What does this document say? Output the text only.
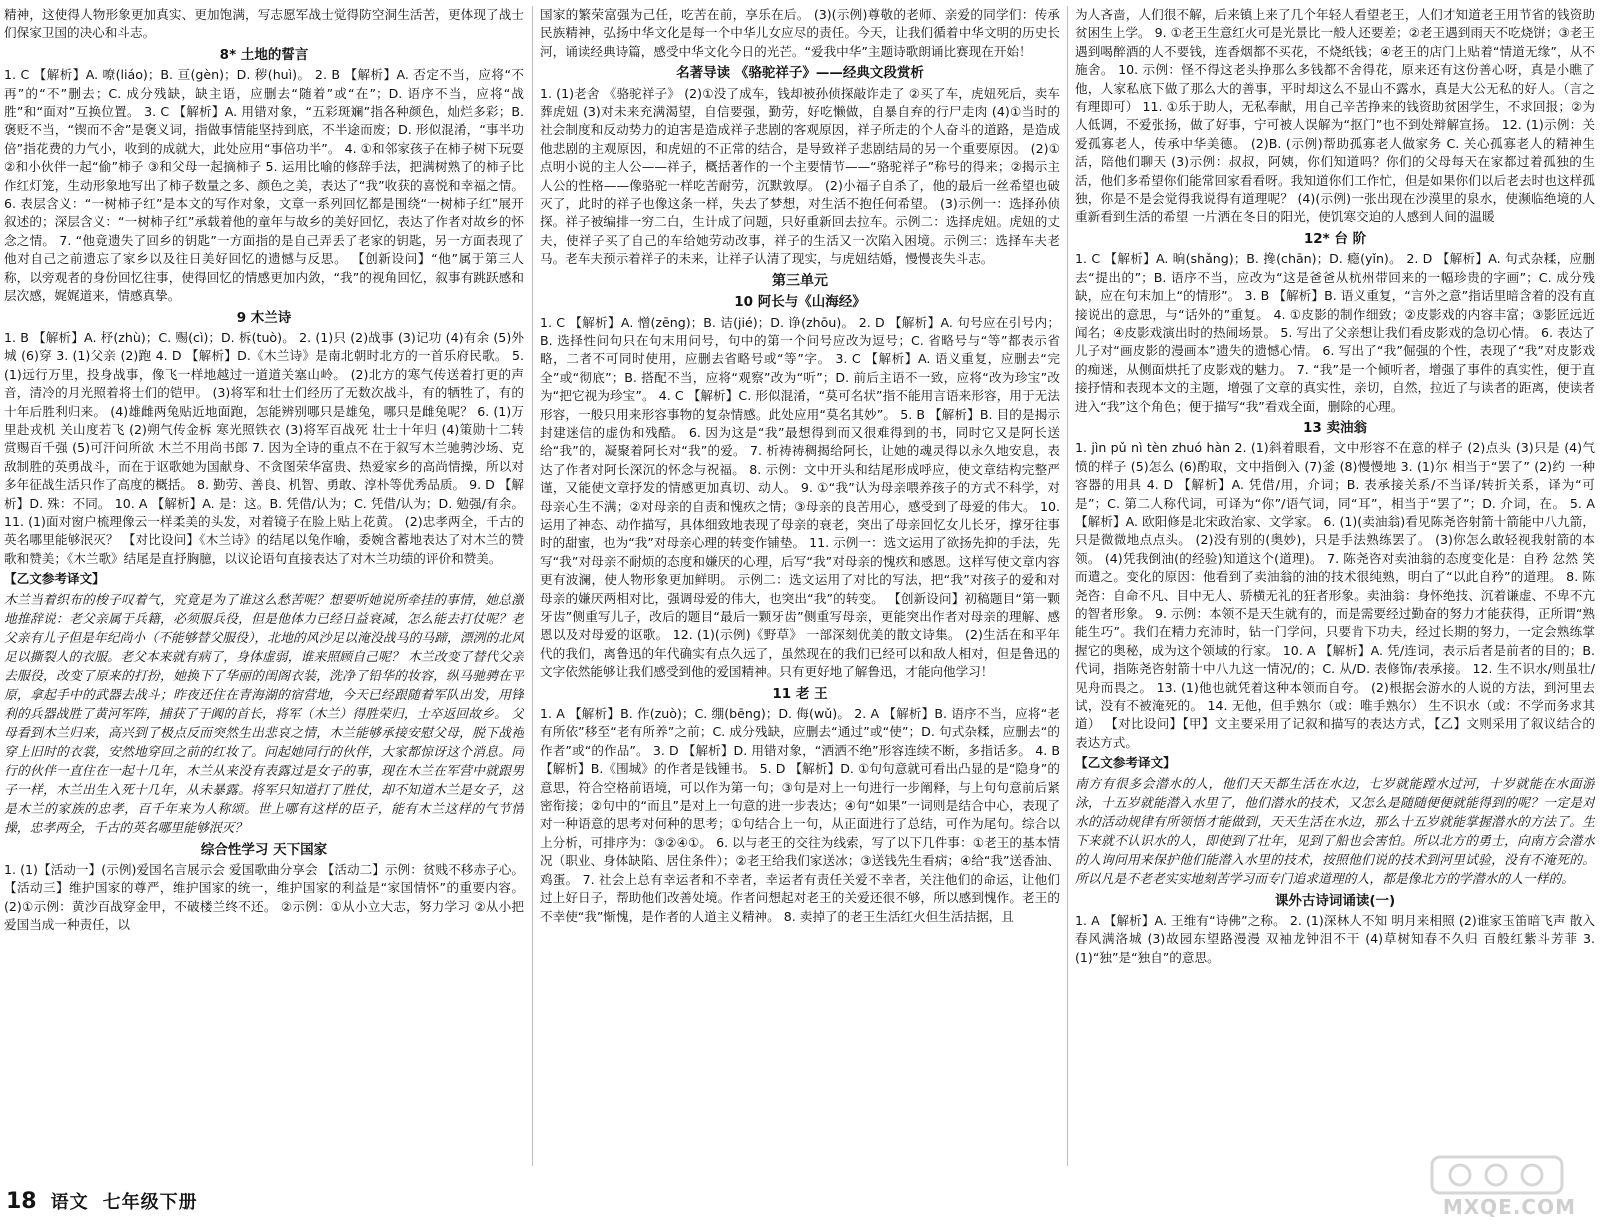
精神，这使得人物形象更加真实、更加饱满，写志愿军战士觉得防空洞生活苦，更体现了战士们保家卫国的决心和斗志。

8* 土地的誓言

1. C 【解析】A. 嘹(liáo)；B. 亘(gèn)；D. 秽(huì)。 2. B 【解析】A. 否定不当，应将“不再”的“不”删去；C. 成分残缺，缺主语，应删去“随着”或“在”；D. 语序不当，应将“战胜”和“面对”互换位置。 3. C 【解析】A. 用错对象，“五彩斑斓”指各种颜色，灿烂多彩；B. 褒贬不当，“锲而不舍”是褒义词，指做事情能坚持到底，不半途而废；D. 形似混淆，“事半功倍”指花费的力气小，收到的成就大，此处应用“事倍功半”。 4. ①和邻家孩子在柿子树下玩耍 ②和小伙伴一起“偷”柿子 ③和父母一起摘柿子 5. 运用比喻的修辞手法，把满树熟了的柿子比作红灯笼，生动形象地写出了柿子数量之多、颜色之美，表达了“我”收获的喜悦和幸福之情。 6. 表层含义：“一树柿子红”是本文的写作对象，文章一系列回忆都是围绕“一树柿子红”展开叙述的；深层含义：“一树柿子红”承载着他的童年与故乡的美好回忆，表达了作者对故乡的怀念之情。 7. “他竟遗失了回乡的钥匙”一方面指的是自己弄丢了老家的钥匙，另一方面表现了他对自己之前遗忘了家乡以及往日美好回忆的遗憾与反思。 【创新设问】“他”属于第三人称，以旁观者的身份回忆往事，使得回忆的情感更加内敛，“我”的视角回忆，叙事有跳跃感和层次感，娓娓道来，情感真挚。

9 木兰诗

1. B 【解析】A. 杼(zhù)；C. 赐(cì)；D. 柝(tuò)。 2. (1)只 (2)战事 (3)记功 (4)有余 (5)外城 (6)穿 3. (1)父亲 (2)跑 4. D 【解析】D.《木兰诗》是南北朝时北方的一首乐府民歌。 5. (1)远行万里，投身战事，像飞一样地越过一道道关塞山岭。 (2)北方的寒气传送着打更的声音，清冷的月光照着将士们的铠甲。 (3)将军和壮士们经历了无数次战斗，有的牺牲了，有的十年后胜利归来。 (4)雄雌两兔贴近地面跑，怎能辨别哪只是雄兔，哪只是雌兔呢？ 6. (1)万里赴戎机 关山度若飞 (2)朔气传金柝 寒光照铁衣 (3)将军百战死 壮士十年归 (4)策勋十二转 赏赐百千强 (5)可汗问所欲 木兰不用尚书郎 7. 因为全诗的重点不在于叙写木兰驰骋沙场、克敌制胜的英勇战斗，而在于讴歌她为国献身、不贪图荣华富贵、热爱家乡的高尚情操，所以对多年征战生活只作了高度的概括。 8. 勤劳、善良、机智、勇敢、淳朴等优秀品质。 9. D 【解析】D. 殊：不同。 10. A 【解析】A. 是：这。B. 凭借/认为；C. 凭借/认为；D. 勉强/有余。 11. (1)面对窗户梳理像云一样柔美的头发，对着镜子在脸上贴上花黄。 (2)忠孝两全，千古的英名哪里能够泯灭？ 【对比设问】《木兰诗》的结尾以兔作喻，委婉含蓄地表达了对木兰的赞歌和赞美；《木兰歌》结尾是直抒胸臆，以议论语句直接表达了对木兰功绩的评价和赞美。

【乙文参考译文】

木兰当着织布的梭子叹着气，究竟是为了谁这么愁苦呢？想要听她说所牵挂的事情，她总激地推辞说：老父亲属于兵籍，必须服兵役，但是他体力已经日益衰减，怎么能去打仗呢？老父亲有儿子但是年纪尚小（不能够替父服役），北地的风沙足以淹没战马的马蹄，漂洌的北风足以撕裂人的衣服。老父本来就有病了，身体虚弱，谁来照顾自己呢？ 木兰改变了替代父亲去服役，改变了原来的打扮，她换下了华丽的闺阁衣装，洗净了铅华的妆容，纵马驰骋在平原，拿起手中的武器去战斗；昨夜还住在青海湖的宿营地，今天已经跟随着军队出发，用锋利的兵器战胜了黄河军阵，捕获了于阗的首长，将军（木兰）得胜荣归，士卒返回故乡。 父母看到木兰归来，高兴到了极点反而突然生出悲哀之情，木兰能够承接安慰父母，脱下战袍穿上旧时的衣裳，安然地穿回之前的红妆了。问起她同行的伙伴，大家都惊讶这个消息。同行的伙伴一直住在一起十几年，木兰从来没有表露过是女子的事，现在木兰在军营中就跟男子一样，木兰出生入死十几年，从未暴露。将军只知道打了胜仗，却不知道木兰是女子，这是木兰的家族的忠孝，百千年来为人称颂。世上哪有这样的臣子，能有木兰这样的气节情操，忠孝两全，千古的英名哪里能够泯灭？

综合性学习 天下国家

1. (1)【活动一】(示例)爱国名言展示会 爱国歌曲分享会 【活动二】示例：贫贱不移赤子心。 【活动三】维护国家的尊严，维护国家的统一，维护国家的利益是“家国情怀”的重要内容。 (2)①示例：黄沙百战穿金甲，不破楼兰终不还。 ②示例：①从小立大志，努力学习 ②从小把爱国当成一种责任，以

国家的繁荣富强为己任，吃苦在前，享乐在后。 (3)(示例)尊敬的老师、亲爱的同学们：传承民族精神，弘扬中华文化是每一个中华儿女应尽的责任。今天，让我们循着中华文明的历史长河，诵读经典诗篇，感受中华文化今日的光芒。“爱我中华”主题诗歌朗诵比赛现在开始！

名著导读 《骆驼祥子》——经典文段赏析

1. (1)老舍 《骆驼祥子》 (2)①没了成车，钱却被孙侦探敲诈走了 ②买了车，虎妞死后，卖车葬虎妞 (3)对未来充满渴望，自信要强，勤劳，好吃懒做，自暴自弃的行尸走肉 (4)①当时的社会制度和反动势力的迫害是造成祥子悲剧的客观原因，祥子所走的个人奋斗的道路，是造成他悲剧的主观原因，和虎妞的不正常的结合，是导致祥子悲剧结局的另一个重要原因。 (2)①点明小说的主人公——祥子，概括著作的一个主要情节——“骆驼祥子”称号的得来；②揭示主人公的性格——像骆驼一样吃苦耐劳，沉默敦厚。 (2)小福子自杀了，他的最后一丝希望也破灭了，此时的祥子也像这条一样，失去了梦想，对生活不抱任何希望。 (3)示例一：选择孙侦探。祥子被编排一穷二白，生计成了问题，只好重新回去拉车。示例二：选择虎妞。虎妞的丈夫，使祥子买了自己的车给她劳动改事，祥子的生活又一次陷入困境。示例三：选择车夫老马。老车夫预示着祥子的未来，让祥子认清了现实，与虎妞结婚，慢慢丧失斗志。

第三单元
10 阿长与《山海经》

1. C 【解析】A. 憎(zēng)；B. 诘(jié)；D. 诤(zhōu)。 2. D 【解析】A. 句号应在引号内；B. 选择性问句只在句末用问号，句中的第一个问号应改为逗号；C. 省略号与“等”都表示省略，二者不可同时使用，应删去省略号或“等”字。 3. C 【解析】A. 语义重复，应删去“完全”或“彻底”；B. 搭配不当，应将“观察”改为“听”；D. 前后主语不一致，应将“改为珍宝”改为“把它视为珍宝”。 4. C 【解析】C. 形似混淆，“莫可名状”指不能用言语来形容，用于无法形容，一般只用来形容事物的复杂情感。此处应用“莫名其妙”。 5. B 【解析】B. 目的是揭示封建迷信的虚伪和残酷。 6. 因为这是“我”最想得到而又很难得到的书，同时它又是阿长送给“我”的，凝聚着阿长对“我”的爱。 7. 析祷祷稠揭给阿长，让她的魂灵得以永久地安息，表达了作者对阿长深沉的怀念与祝福。 8. 示例：文中开头和结尾形成呼应，使文章结构完整严谨，又能使文章抒发的情感更加真切、动人。 9. ①“我”认为母亲喂养孩子的方式不科学，对母亲心生不满；②对母亲的自责和愧疚之情；③母亲的良苦用心，感受到了母爱的伟大。 10. 运用了神态、动作描写，具体细致地表现了母亲的衰老，突出了母亲回忆女儿长牙，撑牙往事时的甜蜜，也为“我”对母亲心理的转变作铺垫。 11. 示例一：选文运用了欲扬先抑的手法，先写“我”对母亲不耐烦的态度和嫌厌的心理，后写“我”对母亲的愧疚和感恩。这样写使文章内容更有波澜，使人物形象更加鲜明。 示例二：选文运用了对比的写法，把“我”对孩子的爱和对母亲的嫌厌两相对比，强调母爱的伟大，也突出“我”的转变。 【创新设问】初稿题目“第一颗牙齿”侧重写儿子，改后的题目“最后一颗牙齿”侧重写母亲，更能突出作者对母亲的理解、感恩以及对母爱的讴歌。 12. (1)(示例)《野草》 一部深刻优美的散文诗集。 (2)生活在和平年代的我们，离鲁迅的年代确实有点久远了，虽然现在的我们已经可以和敌人相对，但是鲁迅的文字依然能够让我们感受到他的爱国精神。只有更好地了解鲁迅，才能向他学习！

11 老 王

1. A 【解析】B. 作(zuò)；C. 绷(bēng)；D. 侮(wǔ)。 2. A 【解析】B. 语序不当，应将“老有所依”移至“老有所养”之前；C. 成分残缺，应删去“通过”或“使”；D. 句式杂糅，应删去“的作者”或“的作品”。 3. D 【解析】D. 用错对象，“洒洒不绝”形容连续不断，多指话多。 4. B 【解析】B.《围城》的作者是钱锺书。 5. D 【解析】D. ①句句意就可看出凸显的是“隐身”的意思，符合空格前语境，可以作为第一句；③句是对上一句进行一步阐释，与上句句意前后紧密衔接；②句中的“而且”是对上一句意的进一步表达；④句“如果”一词则是结合中心，表现了对一种语意的思考对何种的思考；①句结合上一句，从正面进行了总结，可作为尾句。综合以上分析，可排序为：③②④①。 6. 以与老王的交往为线索，写了以下几件事：①老王的基本情况（职业、身体缺陷、居住条件）；②老王给我们家送冰；③送钱先生看病；④给“我”送香油、鸡蛋。 7. 社会上总有幸运者和不幸者，幸运者有责任关爱不幸者，关注他们的命运，让他们过上好日子，帮助他们改善处境。作者问想起对老王的关爱还很不够，所以感到愧作。老王的不幸使“我”惭愧，是作者的人道主义精神。 8. 卖掉了的老王生活红火但生活拮据，且

为人吝啬，人们很不解，后来镇上来了几个年轻人看望老王，人们才知道老王用节省的钱资助贫困生上学。 9. ①老王生意红火可是光景比一般人还要差；②老王遇到雨天不吃烧饼；③老王遇到喝醉酒的人不要钱，连香烟都不买花，不烧纸钱；④老王的店门上贴着“情道无缘”，从不施舍。 10. 示例：怪不得这老头挣那么多钱都不舍得花，原来还有这份善心呀，真是小瞧了他，人家私底下做了那么大的善事，平时却这么不显山不露水，真是大公无私的好人。（言之有理即可） 11. ①乐于助人，无私奉献，用自己辛苦挣来的钱资助贫困学生，不求回报；②为人低调，不爱张扬，做了好事，宁可被人误解为“抠门”也不到处辩解宣扬。 12. (1)示例：关爱孤寡老人，传承中华美德。 (2)B. (示例)帮助孤寡老人做家务 C. 关心孤寡老人的精神生活，陪他们聊天 (3)示例：叔叔，阿姨，你们知道吗？你们的父母每天在家都过着孤独的生活，他们多希望你们能常回家看看呀。我知道你们工作忙，但是如果你们以后老去时也这样孤独，你是不是会觉得我说得有道理呢？ (4)(示例)一张出现在沙漠里的泉水，使濒临绝境的人重新看到生活的希望 一片洒在冬日的阳光，使饥寒交迫的人感到人间的温暖

12* 台 阶

1. C 【解析】A. 晌(shǎng)；B. 搀(chān)；D. 瘾(yǐn)。 2. D 【解析】A. 句式杂糅，应删去“提出的”；B. 语序不当，应改为“这是爸爸从杭州带回来的一幅珍贵的字画”；C. 成分残缺，应在句末加上“的情形”。 3. B 【解析】B. 语义重复，“言外之意”指话里暗含着的没有直接说出的意思，与“话外的”重复。 4. ①皮影的制作细致；②皮影戏的内容丰富；③影匠远近闻名；④皮影戏演出时的热闹场景。 5. 写出了父亲想让我们看皮影戏的急切心情。 6. 表达了儿子对“画皮影的漫画本”遗失的遗憾心情。 6. 写出了“我”倔强的个性，表现了“我”对皮影戏的痴迷，从侧面烘托了皮影戏的魅力。 7. “我”是一个倾听者，增强了事件的真实性，便于直接抒情和表现本文的主题，增强了文章的真实性，亲切，自然，拉近了与读者的距离，使读者进入“我”这个角色；便于描写“我”看戏全面，删除的心理。

13 卖油翁

1. jìn pǔ nì tèn zhuó hàn 2. (1)斜着眼看，文中形容不在意的样子 (2)点头 (3)只是 (4)气愤的样子 (5)怎么 (6)酌取，文中指倒入 (7)釜 (8)慢慢地 3. (1)尔 相当于“罢了” (2)约 一种容器的用具 4. D 【解析】A. 凭借/用，介词；B. 表承接关系/不当译/转折关系，译为“可是”；C. 第二人称代词，可译为“你”/语气词，同“耳”，相当于“罢了”；D. 介词，在。 5. A 【解析】A. 欧阳修是北宋政治家、文学家。 6. (1)(卖油翁)看见陈尧咨射箭十箭能中八九箭，只是微微地点点头。 (2)没有别的(奥妙)，只是手法熟练罢了。 (3)你怎么敢轻视我射箭的本领。 (4)凭我倒油(的经验)知道这个(道理)。 7. 陈尧咨对卖油翁的态度变化是：自矜 忿然 笑而遣之。变化的原因：他看到了卖油翁的油的技术很纯熟，明白了“以此自矜”的道理。 8. 陈尧咨：自命不凡、目中无人、骄横无礼的狂者形象。卖油翁：身怀绝技、沉着谦虚、不卑不亢的智者形象。 9. 示例：本领不是天生就有的，而是需要经过勤奋的努力才能获得，正所谓“熟能生巧”。我们在精力充沛时，钻一门学问，只要肯下功夫，经过长期的努力，一定会熟练掌握它的奥秘，成为这个领域的行家。 10. A 【解析】A. 凭/连词，表示后者是前者的目的；B. 代词，指陈尧咨射箭十中八九这一情况/的；C. 从/D. 表修饰/表承接。 12. 生不识水/则虽壮/见舟而畏之。 13. (1)他也就凭着这种本领而自夸。 (2)根据会游水的人说的方法，到河里去试，没有不被淹死的。 14. 无他，但手熟尔（或：唯手熟尔） 生不识水（或：不学而务求其道） 【对比设问】【甲】文主要采用了记叙和描写的表达方式，【乙】文则采用了叙议结合的表达方式。

【乙文参考译文】

南方有很多会潜水的人，他们天天都生活在水边，七岁就能蹚水过河，十岁就能在水面游泳，十五岁就能潜入水里了，他们潜水的技术，又怎么是随随便便就能得到的呢？一定是对水的活动规律有所领悟才能做到，天天生活在水边，那么十五岁就能掌握潜水的方法了。生下来就不认识水的人，即使到了壮年，见到了船也会害怕。所以北方的勇士，向南方会潜水的人询问用来保护他们能潜入水里的技术，按照他们说的技术到河里试验，没有不淹死的。所以凡是不老老实实地刻苦学习而专门追求道理的人，都是像北方的学潜水的人一样的。

课外古诗词诵读(一)

1. A 【解析】A. 王维有“诗佛”之称。 2. (1)深林人不知 明月来相照 (2)谁家玉笛暗飞声 散入春风满洛城 (3)故园东望路漫漫 双袖龙钟泪不干 (4)草树知春不久归 百般红紫斗芳菲 3. (1)“独”是“独自”的意思。

18 语文 七年级下册	MXQE.COM
